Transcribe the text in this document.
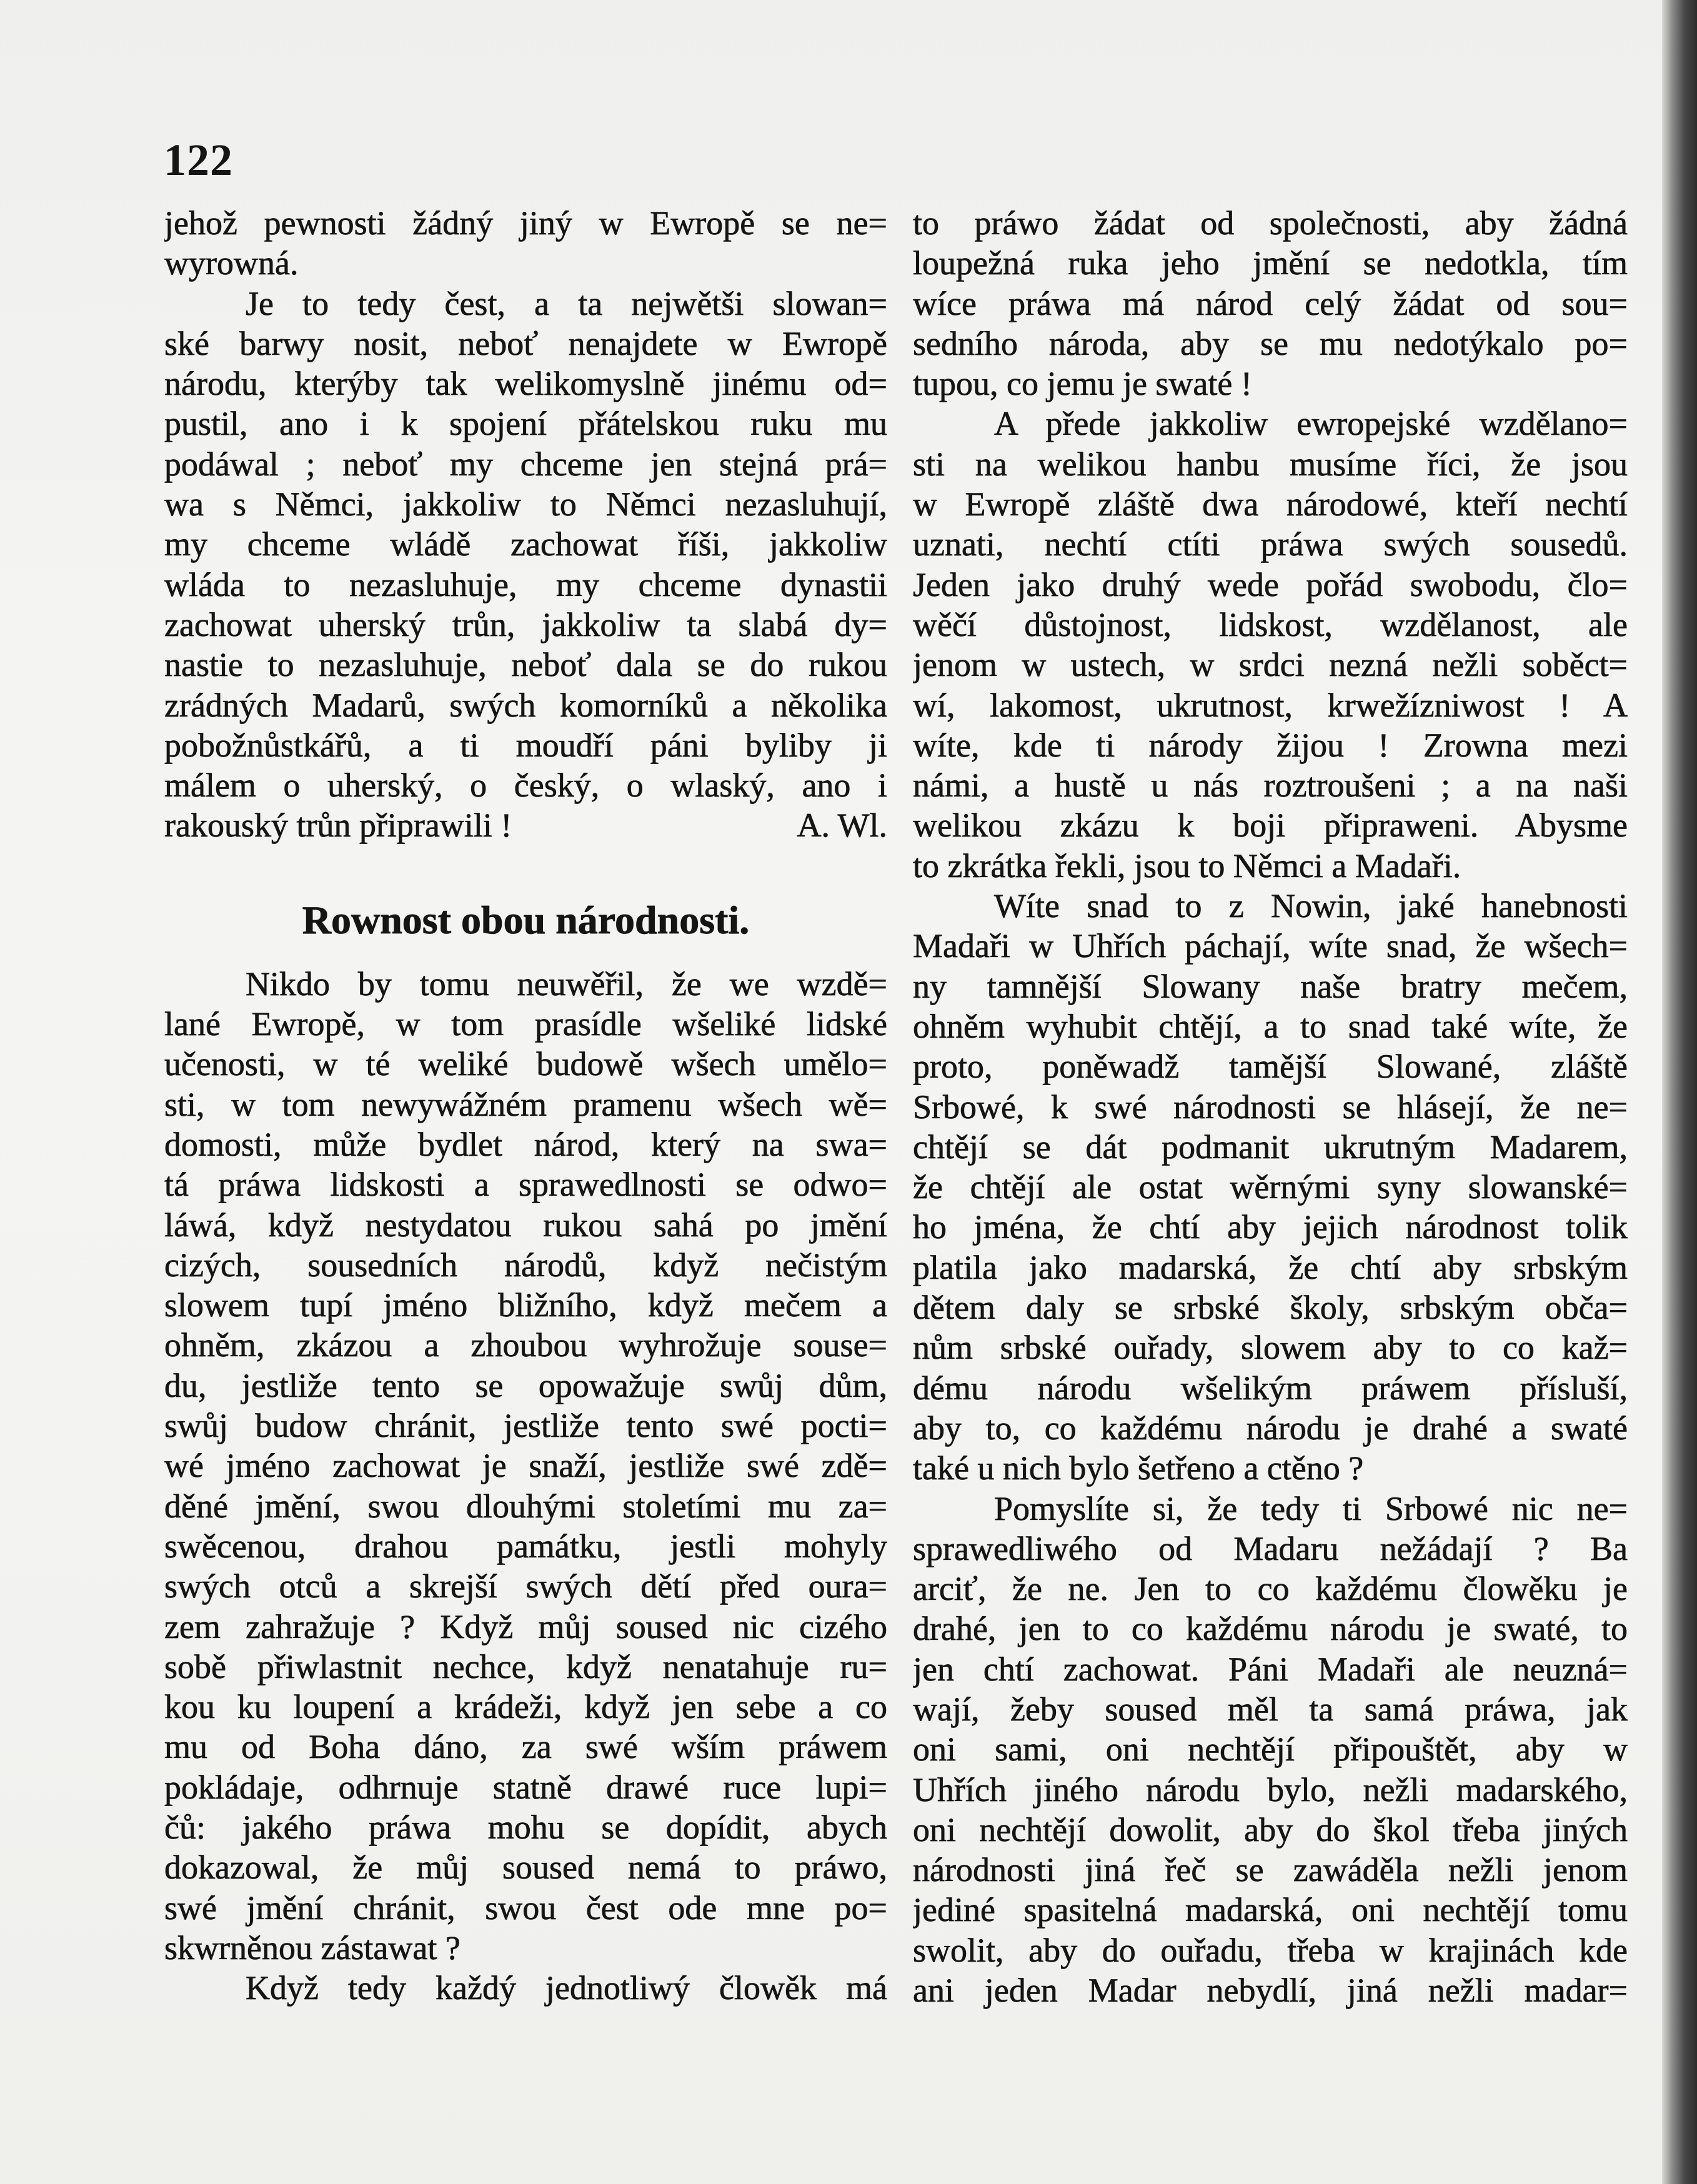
122
jehož pewnosti žádný jiný w Ewropě se ne=
wyrowná.
Je to tedy čest, a ta nejwětši slowan=
ské barwy nosit, neboť nenajdete w Ewropě
národu, kterýby tak welikomyslně jinému od=
pustil, ano i k spojení přátelskou ruku mu
podáwal ; neboť my chceme jen stejná prá=
wa s Němci, jakkoliw to Němci nezasluhují,
my chceme wládě zachowat říši, jakkoliw
wláda to nezasluhuje, my chceme dynastii
zachowat uherský trůn, jakkoliw ta slabá dy=
nastie to nezasluhuje, neboť dala se do rukou
zrádných Madarů, swých komorníků a několika
pobožnůstkářů, a ti moudří páni byliby ji
málem o uherský, o český, o wlaský, ano i
rakouský trůn připrawili !	A. Wl.
Rownost obou národnosti.
Nikdo by tomu neuwěřil, že we wzdě=
lané Ewropě, w tom prasídle wšeliké lidské
učenosti, w té weliké budowě wšech umělo=
sti, w tom newywážném pramenu wšech wě=
domosti, může bydlet národ, který na swa=
tá práwa lidskosti a sprawedlnosti se odwo=
láwá, když nestydatou rukou sahá po jmění
cizých, sousedních národů, když nečistým
slowem tupí jméno bližního, když mečem a
ohněm, zkázou a zhoubou wyhrožuje souse=
du, jestliže tento se opowažuje swůj dům,
swůj budow chránit, jestliže tento swé pocti=
wé jméno zachowat je snaží, jestliže swé zdě=
děné jmění, swou dlouhými stoletími mu za=
swěcenou, drahou památku, jestli mohyly
swých otců a skrejší swých dětí před oura=
zem zahražuje ? Když můj soused nic cizého
sobě přiwlastnit nechce, když nenatahuje ru=
kou ku loupení a krádeži, když jen sebe a co
mu od Boha dáno, za swé wším práwem
pokládaje, odhrnuje statně drawé ruce lupi=
čů: jakého práwa mohu se dopídit, abych
dokazowal, že můj soused nemá to práwo,
swé jmění chránit, swou čest ode mne po=
skwrněnou zástawat ?
Když tedy každý jednotliwý člowěk má
to práwo žádat od společnosti, aby žádná
loupežná ruka jeho jmění se nedotkla, tím
wíce práwa má národ celý žádat od sou=
sedního národa, aby se mu nedotýkalo po=
tupou, co jemu je swaté !
A přede jakkoliw ewropejské wzdělano=
sti na welikou hanbu musíme říci, že jsou
w Ewropě zláště dwa národowé, kteří nechtí
uznati, nechtí ctíti práwa swých sousedů.
Jeden jako druhý wede pořád swobodu, člo=
wěčí důstojnost, lidskost, wzdělanost, ale
jenom w ustech, w srdci nezná nežli soběct=
wí, lakomost, ukrutnost, krwežízniwost ! A
wíte, kde ti národy žijou ! Zrowna mezi
námi, a hustě u nás roztroušeni ; a na naši
welikou zkázu k boji připraweni. Abysme
to zkrátka řekli, jsou to Němci a Madaři.
Wíte snad to z Nowin, jaké hanebnosti
Madaři w Uhřích páchají, wíte snad, že wšech=
ny tamnější Slowany naše bratry mečem,
ohněm wyhubit chtějí, a to snad také wíte, že
proto, poněwadž tamější Slowané, zláště
Srbowé, k swé národnosti se hlásejí, že ne=
chtějí se dát podmanit ukrutným Madarem,
že chtějí ale ostat wěrnými syny slowanské=
ho jména, že chtí aby jejich národnost tolik
platila jako madarská, že chtí aby srbským
dětem daly se srbské školy, srbským obča=
nům srbské ouřady, slowem aby to co kaž=
dému národu wšelikým práwem přísluší,
aby to, co každému národu je drahé a swaté
také u nich bylo šetřeno a ctěno ?
Pomyslíte si, že tedy ti Srbowé nic ne=
sprawedliwého od Madaru nežádají ? Ba
arciť, že ne. Jen to co každému člowěku je
drahé, jen to co každému národu je swaté, to
jen chtí zachowat. Páni Madaři ale neuzná=
wají, žeby soused měl ta samá práwa, jak
oni sami, oni nechtějí připouštět, aby w
Uhřích jiného národu bylo, nežli madarského,
oni nechtějí dowolit, aby do škol třeba jiných
národnosti jiná řeč se zawáděla nežli jenom
jediné spasitelná madarská, oni nechtějí tomu
swolit, aby do ouřadu, třeba w krajinách kde
ani jeden Madar nebydlí, jiná nežli madar=
